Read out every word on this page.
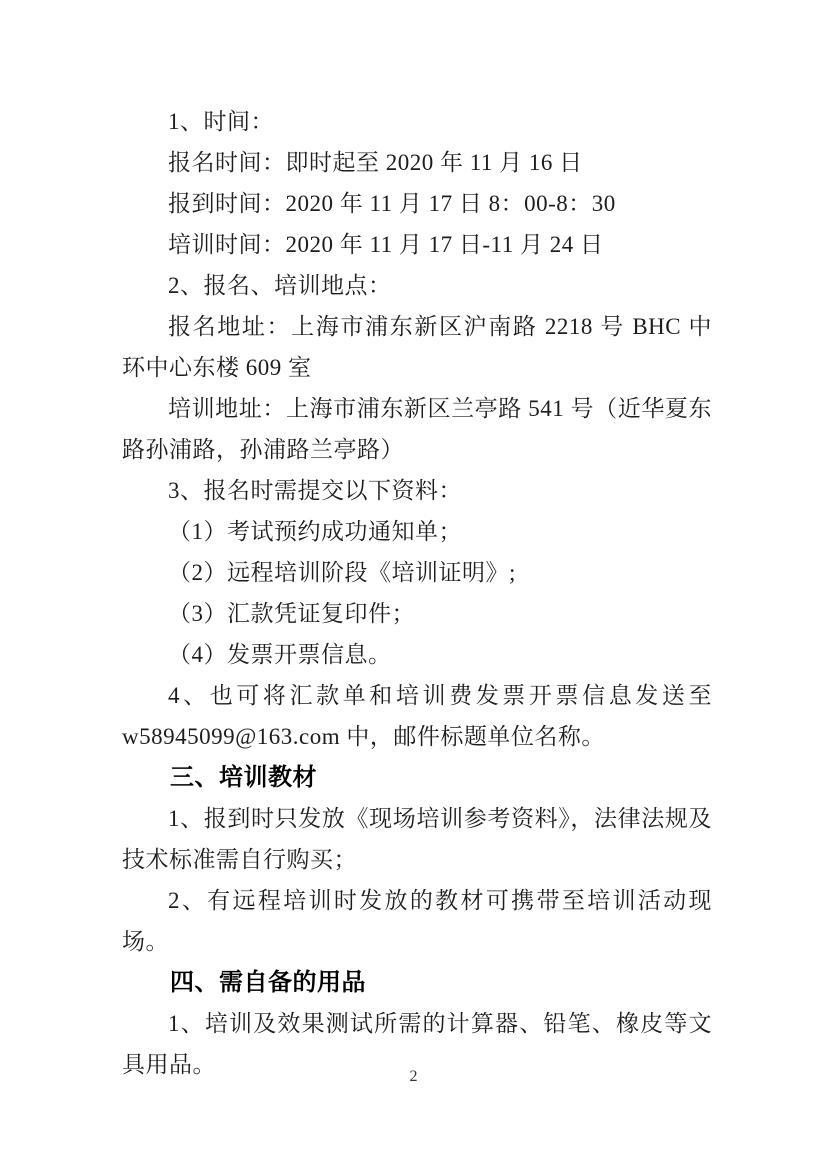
1、时间：

报名时间：即时起至 2020 年 11 月 16 日

报到时间：2020 年 11 月 17 日 8：00-8：30

培训时间：2020 年 11 月 17 日-11 月 24 日

2、报名、培训地点：

报名地址：上海市浦东新区沪南路 2218 号 BHC 中环中心东楼 609 室

培训地址：上海市浦东新区兰亭路 541 号（近华夏东路孙浦路，孙浦路兰亭路）

3、报名时需提交以下资料：

（1）考试预约成功通知单；

（2）远程培训阶段《培训证明》;

（3）汇款凭证复印件；

（4）发票开票信息。

4、也可将汇款单和培训费发票开票信息发送至 w58945099@163.com 中，邮件标题单位名称。

三、培训教材

1、报到时只发放《现场培训参考资料》，法律法规及技术标准需自行购买；

2、有远程培训时发放的教材可携带至培训活动现场。

四、需自备的用品

1、培训及效果测试所需的计算器、铅笔、橡皮等文具用品。	2
